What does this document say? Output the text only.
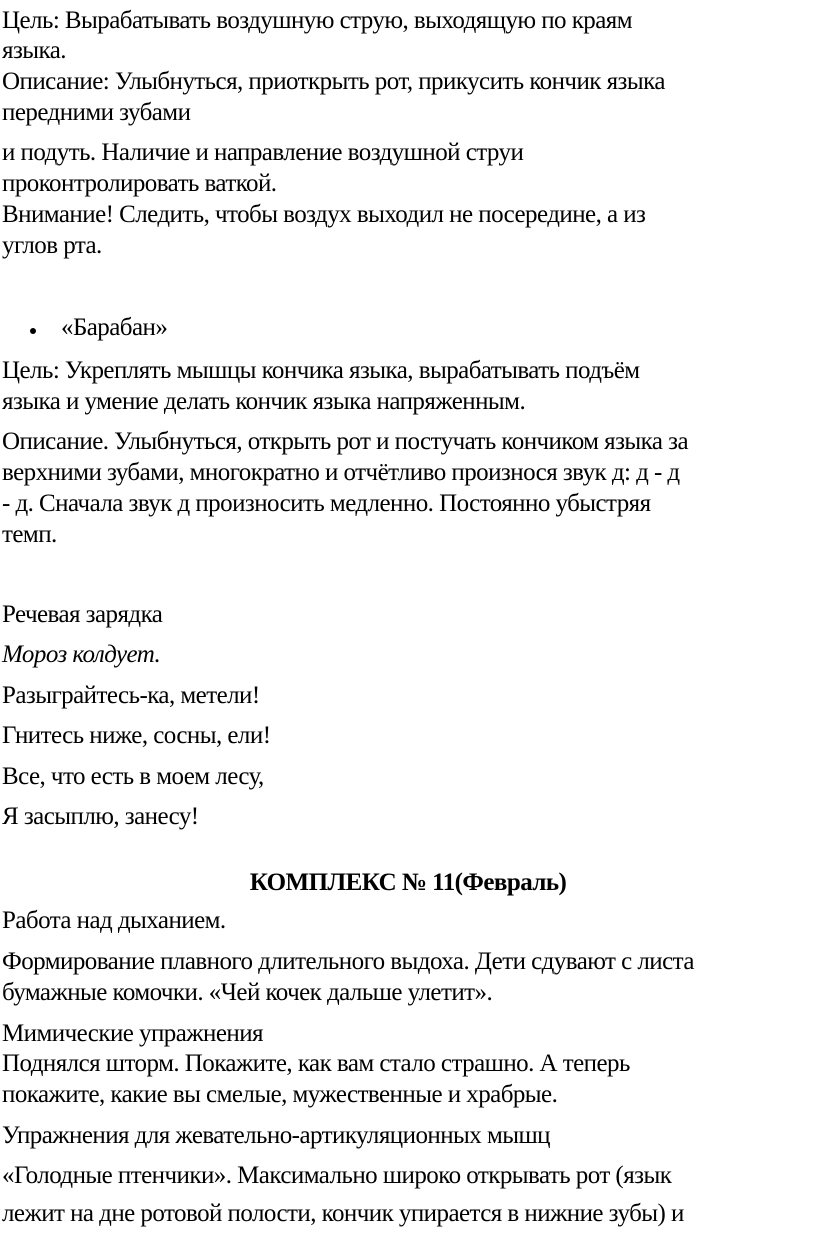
Цель: Вырабатывать воздушную струю, выходящую по краям
языка.
Описание: Улыбнуться, приоткрыть рот, прикусить кончик языка
передними зубами
и подуть. Наличие и направление воздушной струи
проконтролировать ваткой.
Внимание! Следить, чтобы воздух выходил не посередине, а из
углов рта.
«Барабан»
Цель: Укреплять мышцы кончика языка, вырабатывать подъём
языка и умение делать кончик языка напряженным.
Описание. Улыбнуться, открыть рот и постучать кончиком языка за
верхними зубами, многократно и отчётливо произнося звук д: д - д
- д. Сначала звук д произносить медленно. Постоянно убыстряя
темп.
Речевая зарядка
Мороз колдует.
Разыграйтесь-ка, метели!
Гнитесь ниже, сосны, ели!
Все, что есть в моем лесу,
Я засыплю, занесу!
КОМПЛЕКС № 11(Февраль)
Работа над дыханием.
Формирование плавного длительного выдоха. Дети сдувают с листа
бумажные комочки. «Чей кочек дальше улетит».
Мимические упражнения
Поднялся шторм. Покажите, как вам стало страшно. А теперь
покажите, какие вы смелые, мужественные и храбрые.
Упражнения для жевательно-артикуляционных мышц
«Голодные птенчики». Максимально широко открывать рот (язык
лежит на дне ротовой полости, кончик упирается в нижние зубы) и
